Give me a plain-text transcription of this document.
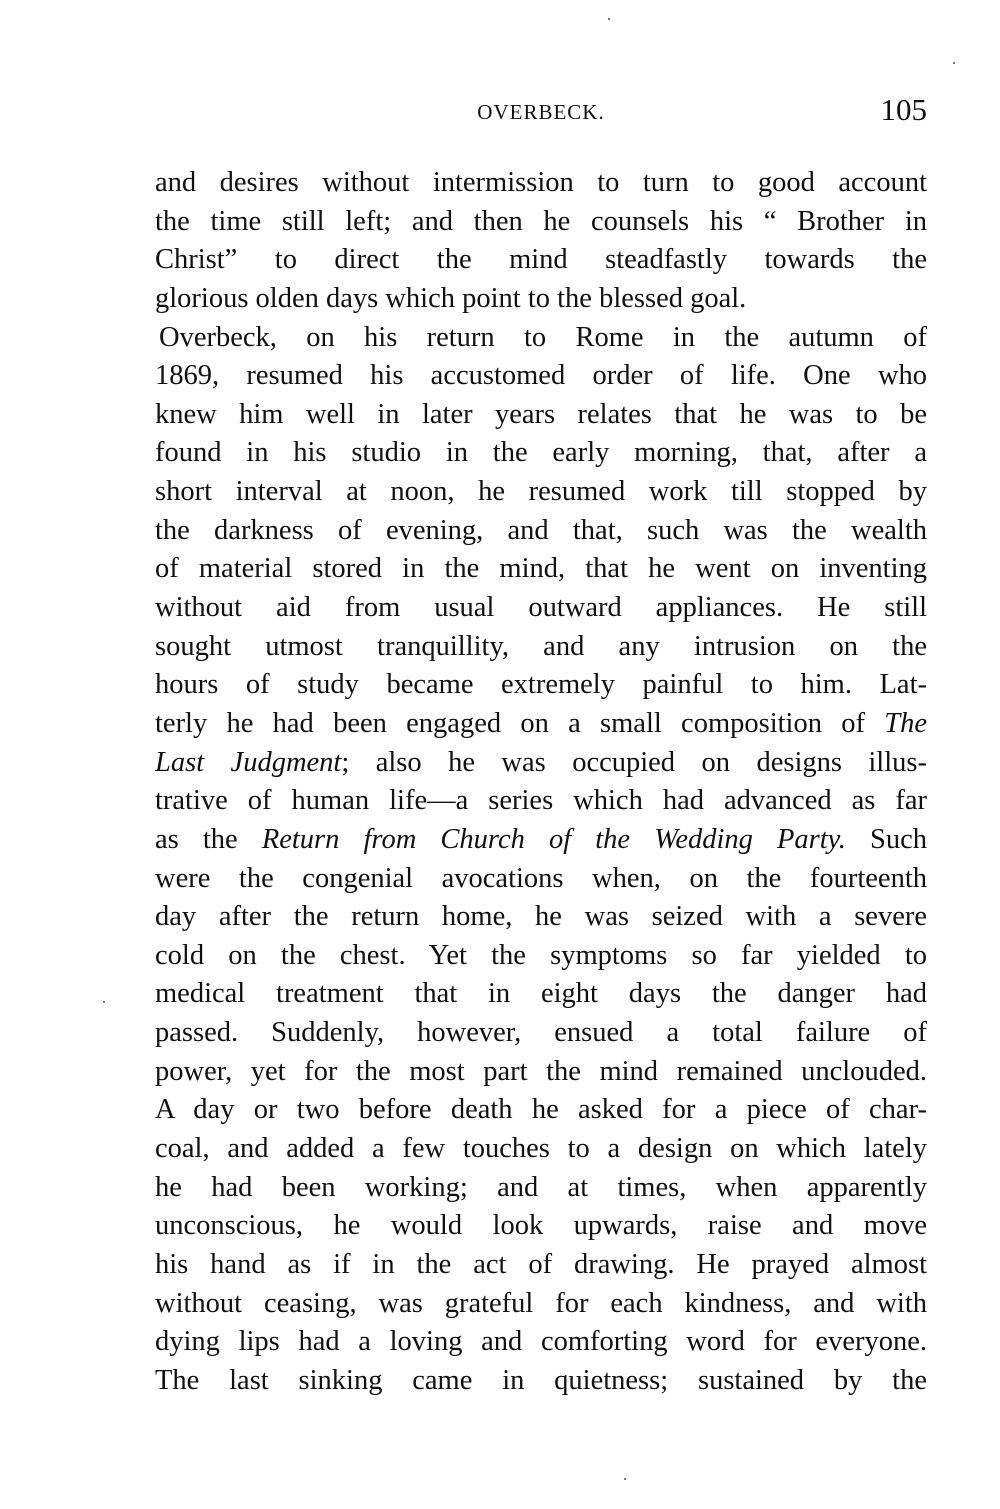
OVERBECK.	105
and desires without intermission to turn to good account
the time still left; and then he counsels his “ Brother in
Christ” to direct the mind steadfastly towards the
glorious olden days which point to the blessed goal.
Overbeck, on his return to Rome in the autumn of
1869, resumed his accustomed order of life. One who
knew him well in later years relates that he was to be
found in his studio in the early morning, that, after a
short interval at noon, he resumed work till stopped by
the darkness of evening, and that, such was the wealth
of material stored in the mind, that he went on inventing
without aid from usual outward appliances. He still
sought utmost tranquillity, and any intrusion on the
hours of study became extremely painful to him. Lat-
terly he had been engaged on a small composition of The
Last Judgment; also he was occupied on designs illus-
trative of human life—a series which had advanced as far
as the Return from Church of the Wedding Party. Such
were the congenial avocations when, on the fourteenth
day after the return home, he was seized with a severe
cold on the chest. Yet the symptoms so far yielded to
medical treatment that in eight days the danger had
passed. Suddenly, however, ensued a total failure of
power, yet for the most part the mind remained unclouded.
A day or two before death he asked for a piece of char-
coal, and added a few touches to a design on which lately
he had been working; and at times, when apparently
unconscious, he would look upwards, raise and move
his hand as if in the act of drawing. He prayed almost
without ceasing, was grateful for each kindness, and with
dying lips had a loving and comforting word for everyone.
The last sinking came in quietness; sustained by the
